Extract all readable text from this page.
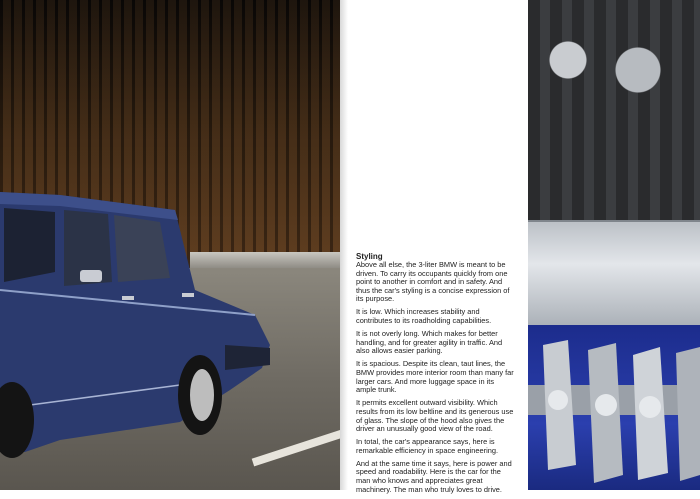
Styling

Above all else, the 3-liter BMW is meant to be driven. To carry its occupants quickly from one point to another in comfort and in safety. And thus the car's styling is a concise expression of its purpose.

It is low. Which increases stability and contributes to its roadholding capabilities.

It is not overly long. Which makes for better handling, and for greater agility in traffic. And also allows easier parking.

It is spacious. Despite its clean, taut lines, the BMW provides more interior room than many far larger cars. And more luggage space in its ample trunk.

It permits excellent outward visibility. Which results from its low beltline and its generous use of glass. The slope of the hood also gives the driver an unusually good view of the road.

In total, the car's appearance says, here is remarkable efficiency in space engineering.

And at the same time it says, here is power and speed and roadability. Here is the car for the man who knows and appreciates great machinery. The man who truly loves to drive.
